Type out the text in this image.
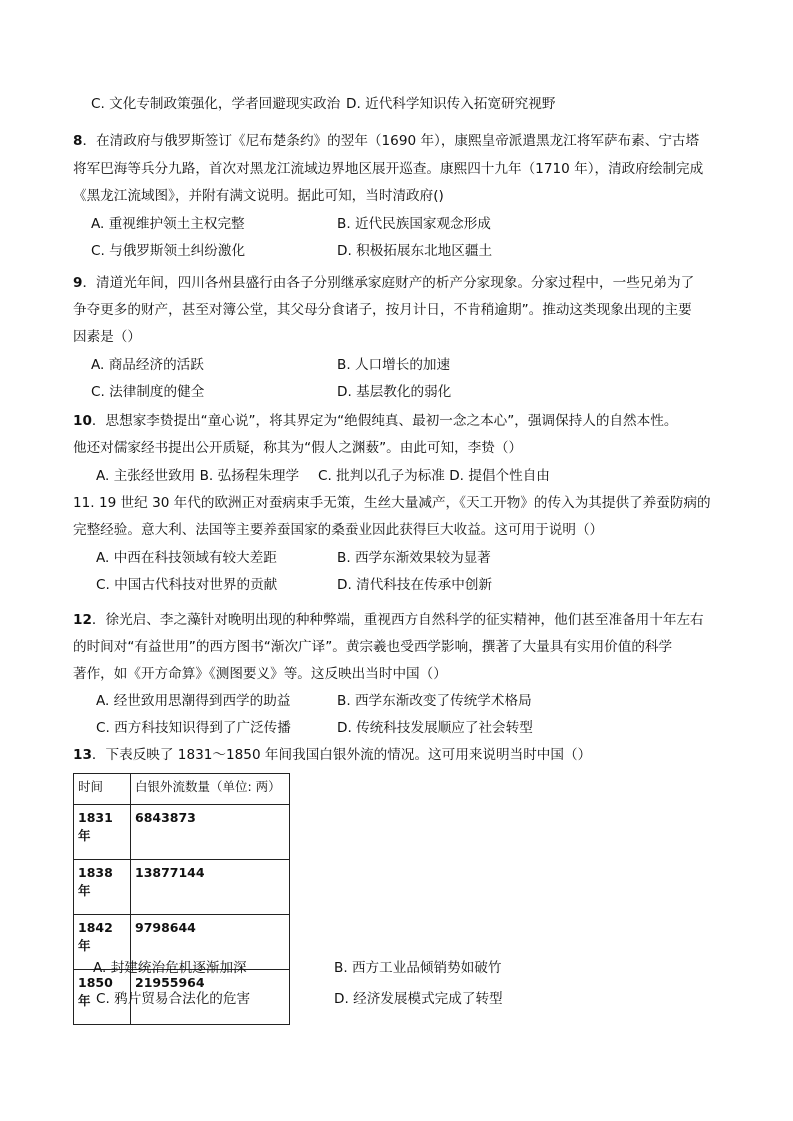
C. 文化专制政策强化，学者回避现实政治 D. 近代科学知识传入拓宽研究视野
8．在清政府与俄罗斯签订《尼布楚条约》的翌年（1690 年），康熙皇帝派遣黑龙江将军萨布素、宁古塔
将军巴海等兵分九路，首次对黑龙江流域边界地区展开巡查。康熙四十九年（1710 年），清政府绘制完成
《黑龙江流域图》，并附有满文说明。据此可知，当时清政府()
A. 重视维护领土主权完整	B. 近代民族国家观念形成
C. 与俄罗斯领土纠纷激化	D. 积极拓展东北地区疆土
9．清道光年间，四川各州县盛行由各子分别继承家庭财产的析产分家现象。分家过程中，一些兄弟为了
争夺更多的财产，甚至对簿公堂，其父母分食诸子，按月计日，不肯稍逾期”。推动这类现象出现的主要
因素是（）
A. 商品经济的活跃	B. 人口增长的加速
C. 法律制度的健全	D. 基层教化的弱化
10．思想家李贽提出“童心说”，将其界定为“绝假纯真、最初一念之本心”，强调保持人的自然本性。
他还对儒家经书提出公开质疑，称其为“假人之渊薮”。由此可知，李贽（）
A. 主张经世致用 B. 弘扬程朱理学 C. 批判以孔子为标准 D. 提倡个性自由
11. 19 世纪 30 年代的欧洲正对蚕病束手无策，生丝大量减产，《天工开物》的传入为其提供了养蚕防病的
完整经验。意大利、法国等主要养蚕国家的桑蚕业因此获得巨大收益。这可用于说明（）
A. 中西在科技领域有较大差距	B. 西学东渐效果较为显著
C. 中国古代科技对世界的贡献	D. 清代科技在传承中创新
12．徐光启、李之藻针对晚明出现的种种弊端，重视西方自然科学的征实精神，他们甚至准备用十年左右
的时间对“有益世用”的西方图书“渐次广译”。黄宗羲也受西学影响，撰著了大量具有实用价值的科学
著作，如《开方命算》《测图要义》等。这反映出当时中国（）
A. 经世致用思潮得到西学的助益	B. 西学东渐改变了传统学术格局
C. 西方科技知识得到了广泛传播	D. 传统科技发展顺应了社会转型
13．下表反映了 1831～1850 年间我国白银外流的情况。这可用来说明当时中国（）
时间	白银外流数量（单位: 两）
1831 年	6843873
1838 年	13877144
1842 年	9798644
1850 年	21955964
A. 封建统治危机逐渐加深	B. 西方工业品倾销势如破竹
C. 鸦片贸易合法化的危害	D. 经济发展模式完成了转型
